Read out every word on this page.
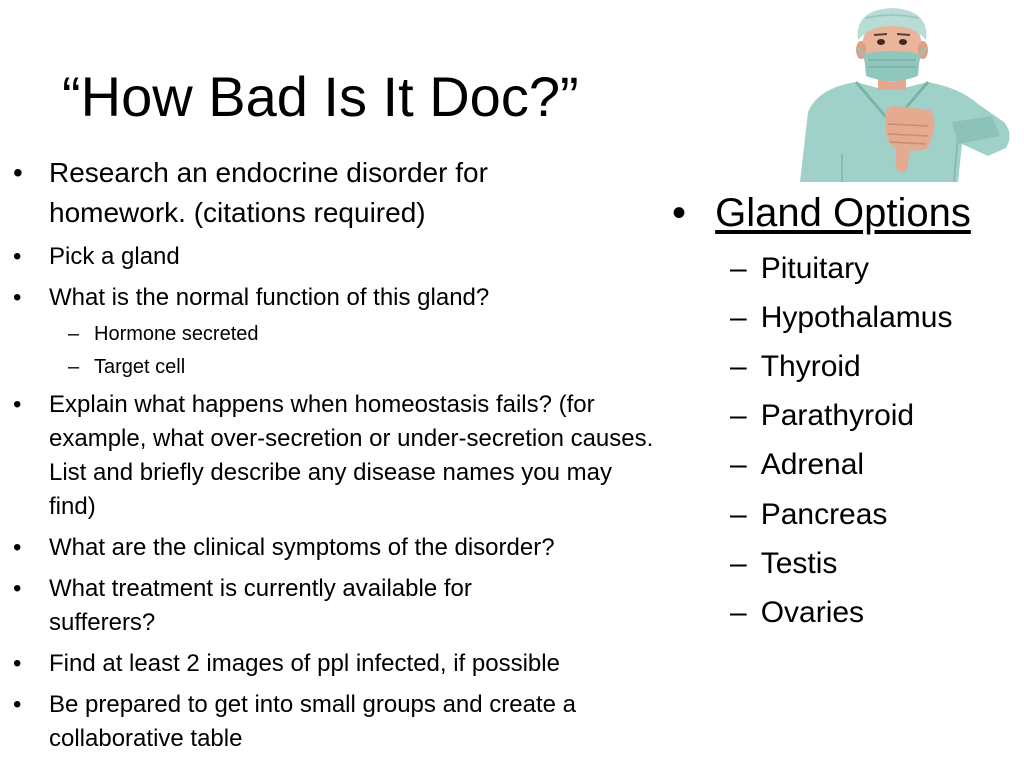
“How Bad Is It Doc?”

• Research an endocrine disorder for homework. (citations required)

• Pick a gland

• What is the normal function of this gland?

– Hormone secreted

– Target cell

• Explain what happens when homeostasis fails? (for example, what over-secretion or under-secretion causes. List and briefly describe any disease names you may find)

• What are the clinical symptoms of the disorder?

• What treatment is currently available for sufferers?

• Find at least 2 images of ppl infected, if possible

• Be prepared to get into small groups and create a collaborative table

• Gland Options
– Pituitary
– Hypothalamus
– Thyroid
– Parathyroid
– Adrenal
– Pancreas
– Testis
– Ovaries
